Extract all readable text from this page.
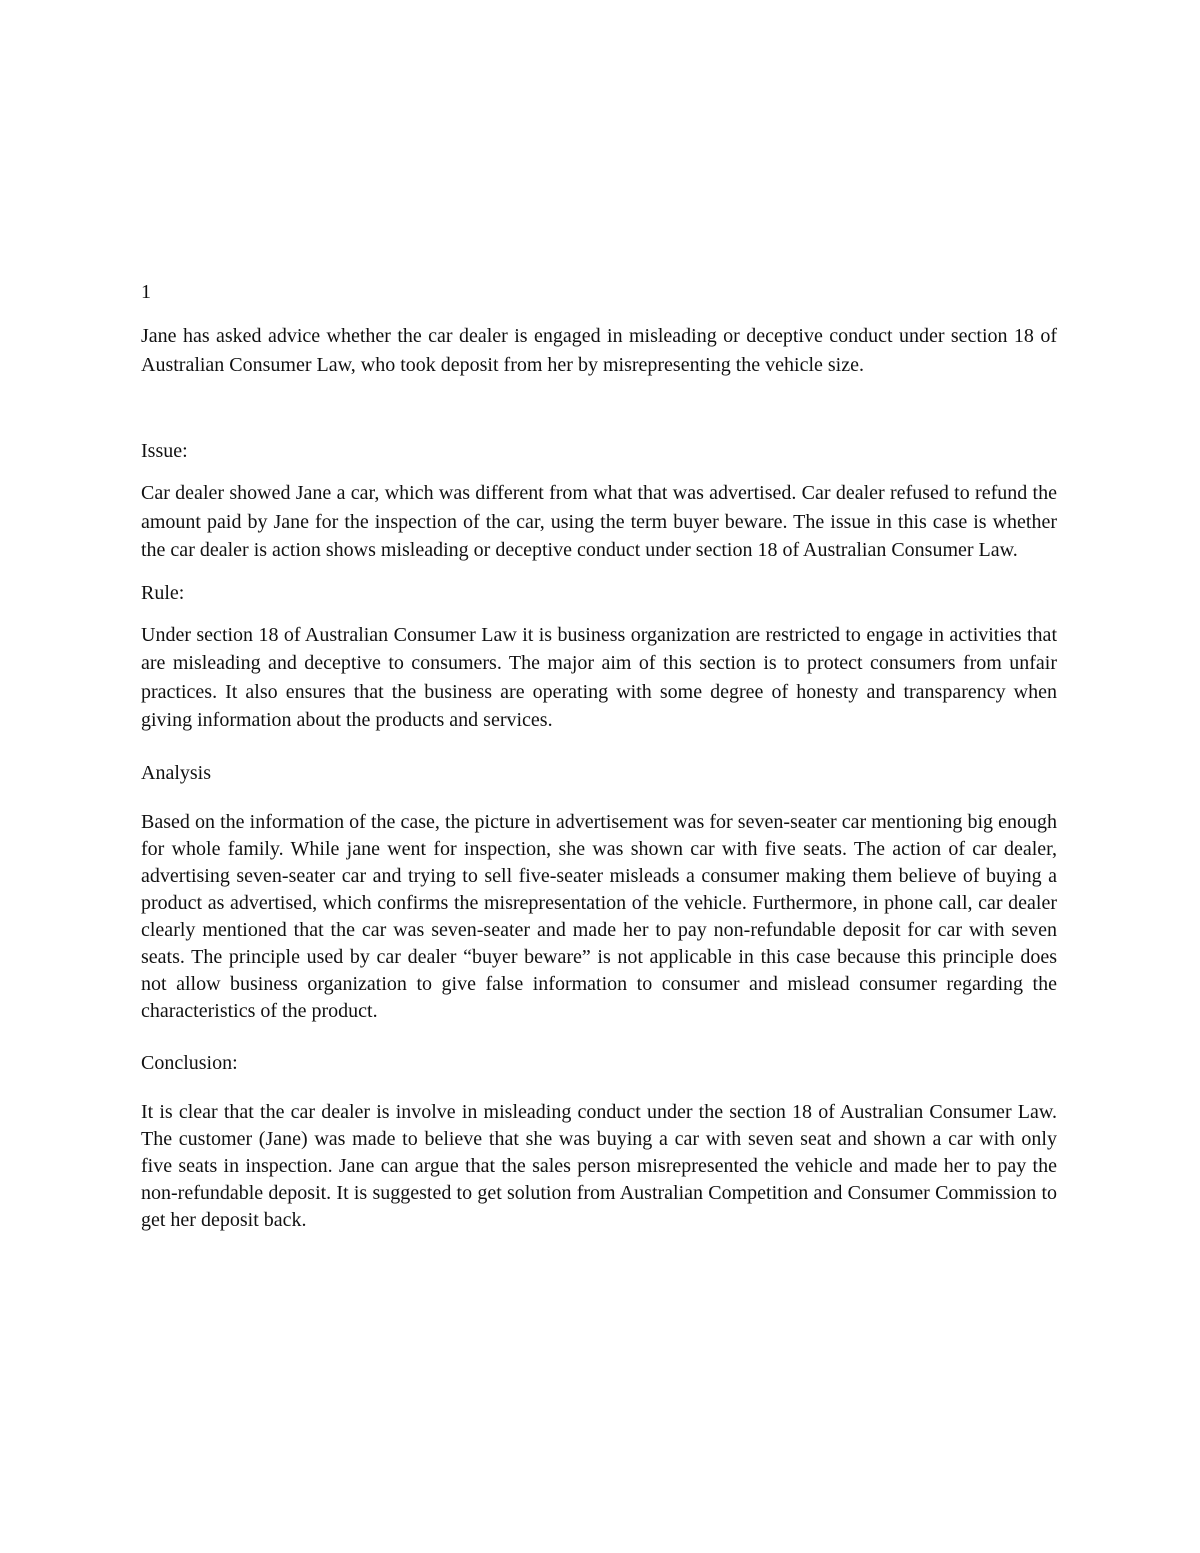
1

Jane has asked advice whether the car dealer is engaged in misleading or deceptive conduct under section 18 of Australian Consumer Law, who took deposit from her by misrepresenting the vehicle size.

Issue:

Car dealer showed Jane a car, which was different from what that was advertised. Car dealer refused to refund the amount paid by Jane for the inspection of the car, using the term buyer beware. The issue in this case is whether the car dealer is action shows misleading or deceptive conduct under section 18 of Australian Consumer Law.

Rule:

Under section 18 of Australian Consumer Law it is business organization are restricted to engage in activities that are misleading and deceptive to consumers. The major aim of this section is to protect consumers from unfair practices. It also ensures that the business are operating with some degree of honesty and transparency when giving information about the products and services.

Analysis

Based on the information of the case, the picture in advertisement was for seven-seater car mentioning big enough for whole family. While jane went for inspection, she was shown car with five seats. The action of car dealer, advertising seven-seater car and trying to sell five-seater misleads a consumer making them believe of buying a product as advertised, which confirms the misrepresentation of the vehicle. Furthermore, in phone call, car dealer clearly mentioned that the car was seven-seater and made her to pay non-refundable deposit for car with seven seats. The principle used by car dealer “buyer beware” is not applicable in this case because this principle does not allow business organization to give false information to consumer and mislead consumer regarding the characteristics of the product.

Conclusion:

It is clear that the car dealer is involve in misleading conduct under the section 18 of Australian Consumer Law. The customer (Jane) was made to believe that she was buying a car with seven seat and shown a car with only five seats in inspection. Jane can argue that the sales person misrepresented the vehicle and made her to pay the non-refundable deposit. It is suggested to get solution from Australian Competition and Consumer Commission to get her deposit back.
